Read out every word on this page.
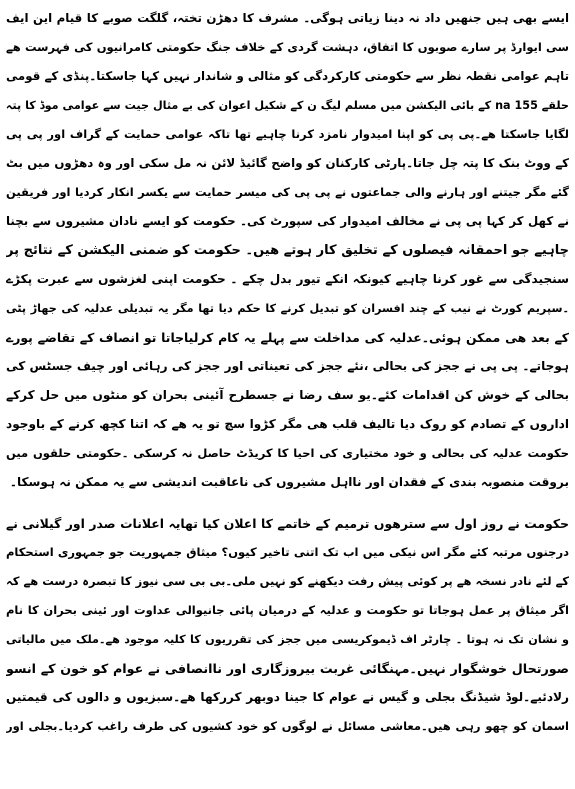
ایسے بھی ہیں جنھیں داد نہ دینا زیاتی ہوگی۔ مشرف کا دھڑن تختہ، گلگت صوبے کا قیام این ایف
سی ایوارڈ پر سارے صوبوں کا اتفاق، دہشت گردی کے خلاف جنگ حکومتی کامرانیوں کی فہرست ھے
تاہم عوامی نقطہ نظر سے حکومتی کارکردگی کو مثالی و شاندار نہیں کہا جاسکتا۔پنڈی کے قومی
حلقے na 155 کے بائی الیکشن میں مسلم لیگ ن کے شکیل اعوان کی بے مثال جیت سے عوامی موڈ کا پتہ
لگایا جاسکتا ھے۔پی پی کو اپنا امیدوار نامزد کرنا چاہیے تھا تاکہ عوامی حمایت کے گراف اور پی پی
کے ووٹ بنک کا پتہ چل جاتا۔پارٹی کارکنان کو واضح گائیڈ لائن نہ مل سکی اور وہ دھڑوں میں بٹ
گئے مگر جیتنے اور ہارنے والی جماعتوں نے پی پی کی میسر حمایت سے یکسر انکار کردیا اور فریقین
نے کھل کر کہا پی پی نے مخالف امیدوار کی سپورٹ کی۔ حکومت کو ایسے نادان مشیروں سے بچنا
چاہیے جو احمقانہ فیصلوں کے تخلیق کار ہوتے ھیں۔ حکومت کو ضمنی الیکشن کے نتائج پر
سنجیدگی سے غور کرنا چاہیے کیونکہ انکے تیور بدل چکے ۔ حکومت اپنی لغزشوں سے عبرت پکڑے
۔سپریم کورٹ نے نیب کے چند افسران کو تبدیل کرنے کا حکم دیا تھا مگر یہ تبدیلی عدلیہ کی جھاڑ پٹی
کے بعد ھی ممکن ہوئی۔عدلیہ کی مداخلت سے پہلے یہ کام کرلیاجاتا تو انصاف کے تقاضے پورے
ہوجاتے۔ پی پی نے ججز کی بحالی ،نئے ججز کی تعیناتی اور ججز کی رہائی اور چیف جسٹس کی
بحالی کے خوش کن اقدامات کئے۔یو سف رضا نے جسطرح آئینی بحران کو منٹوں میں حل کرکے
اداروں کے تصادم کو روک دیا تالیف قلب ھی مگر کڑوا سچ تو یہ ھے کہ اتنا کچھ کرنے کے باوجود
حکومت عدلیہ کی بحالی و خود مختیاری کی احیا کا کریڈٹ حاصل نہ کرسکی ۔حکومتی حلقوں میں
بروقت منصوبہ بندی کے فقدان اور نااہل مشیروں کی ناعاقبت اندیشی سے یہ ممکن نہ ہوسکا۔
حکومت نے روز اول سے سترھوں ترمیم کے خاتمے کا اعلان کیا تھایہ اعلانات صدر اور گیلانی نے
درجنوں مرتبہ کئے مگر اس نیکی میں اب تک اتنی تاخیر کیوں؟ میثاق جمہوریت جو جمہوری استحکام
کے لئے نادر نسخہ ھے پر کوئی پیش رفت دیکھنے کو نہیں ملی۔بی بی سی نیوز کا تبصرہ درست ھے کہ
اگر میثاق پر عمل ہوجاتا تو حکومت و عدلیہ کے درمیان پائی جانیوالی عداوت اور ئینی بحران کا نام
و نشان تک نہ ہوتا ۔ چارٹر اف ڈیموکریسی میں ججز کی تقرریوں کا کلیہ موجود ھے۔ملک میں مالیاتی
صورتحال خوشگوار نہیں۔مہنگائی غربت بیروزگاری اور ناانصافی نے عوام کو خون کے انسو
رلادئیے۔لوڈ شیڈنگ بجلی و گیس نے عوام کا جینا دوبھر کررکھا ھے۔سبزیوں و دالوں کی قیمتیں
اسمان کو چھو رہی ھیں۔معاشی مسائل نے لوگوں کو خود کشیوں کی طرف راغب کردیا۔بجلی اور
